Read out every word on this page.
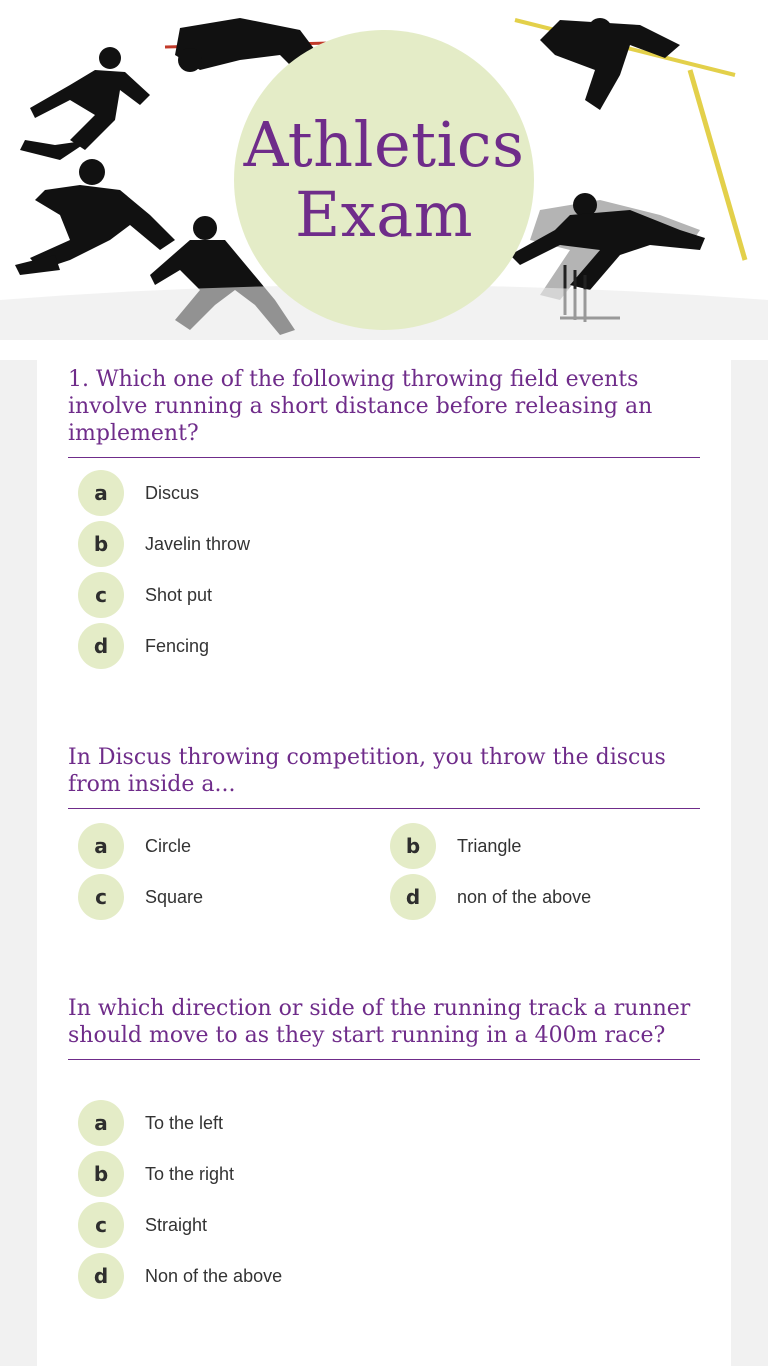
Athletics
Exam
1. Which one of the following throwing field events involve running a short distance before releasing an implement?
a	Discus
b	Javelin throw
c	Shot put
d	Fencing
In Discus throwing competition, you throw the discus from inside a...
a	Circle	b	Triangle
c	Square	d	non of the above
In which direction or side of the running track a runner should move to as they start running in a 400m race?
a	To the left
b	To the right
c	Straight
d	Non of the above
